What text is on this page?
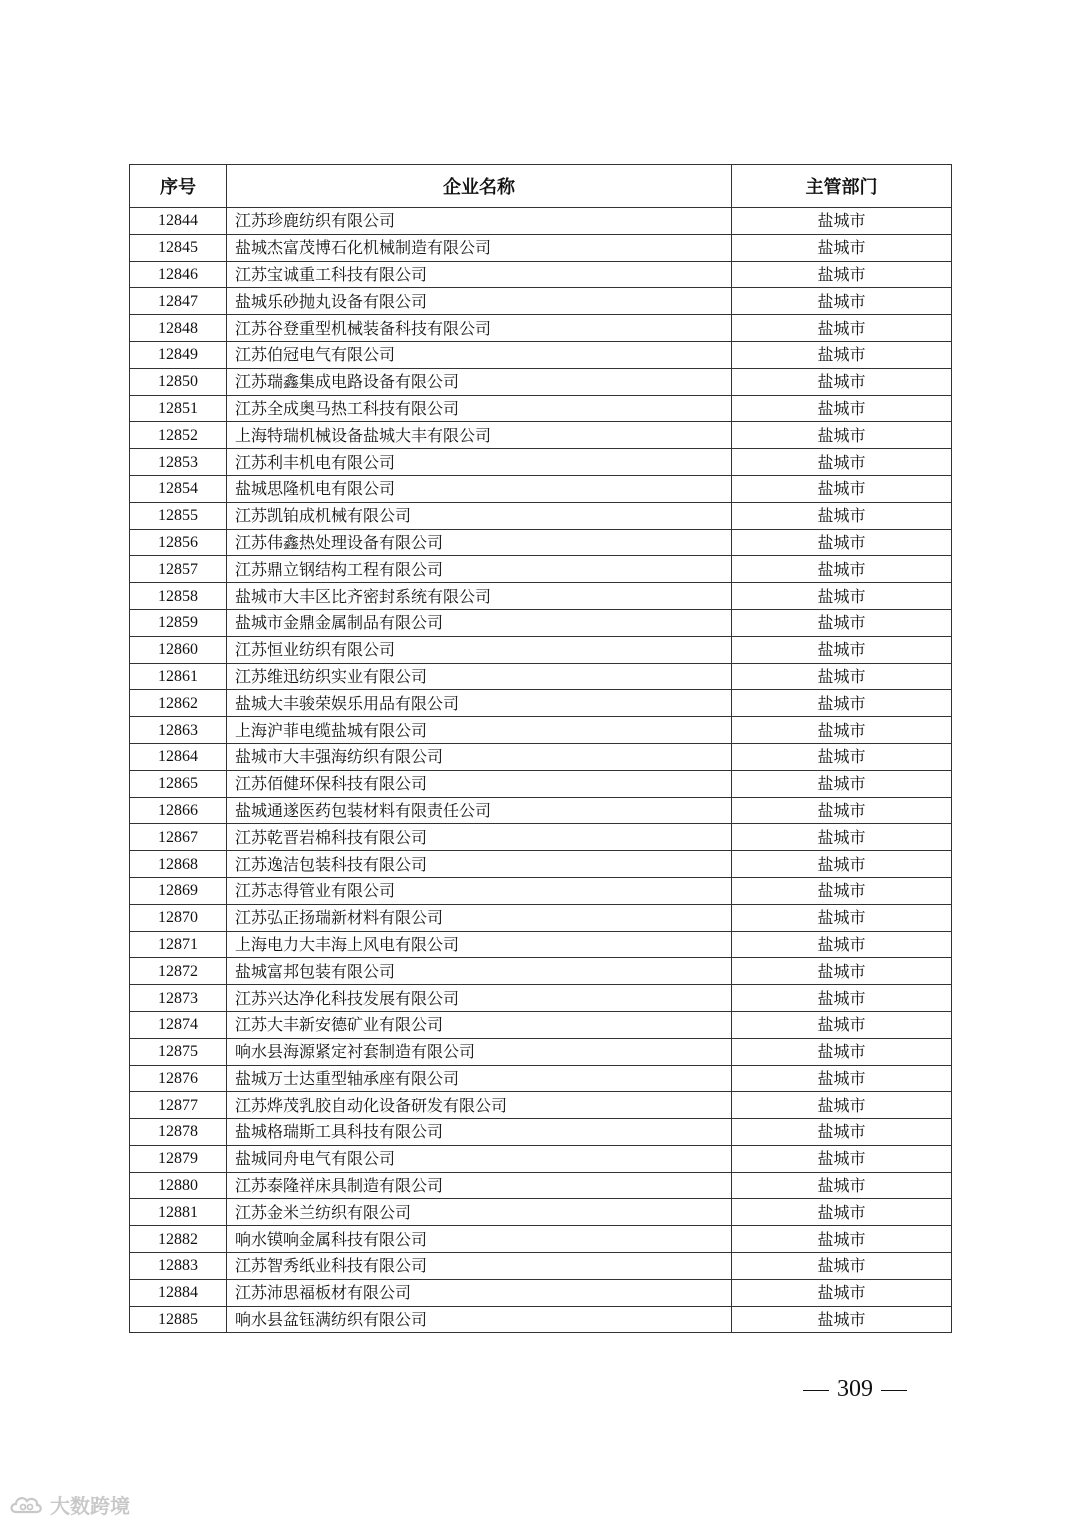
序号	企业名称	主管部门
12844	江苏珍鹿纺织有限公司	盐城市
12845	盐城杰富茂博石化机械制造有限公司	盐城市
12846	江苏宝诚重工科技有限公司	盐城市
12847	盐城乐砂抛丸设备有限公司	盐城市
12848	江苏谷登重型机械装备科技有限公司	盐城市
12849	江苏伯冠电气有限公司	盐城市
12850	江苏瑞鑫集成电路设备有限公司	盐城市
12851	江苏全成奥马热工科技有限公司	盐城市
12852	上海特瑞机械设备盐城大丰有限公司	盐城市
12853	江苏利丰机电有限公司	盐城市
12854	盐城思隆机电有限公司	盐城市
12855	江苏凯铂成机械有限公司	盐城市
12856	江苏伟鑫热处理设备有限公司	盐城市
12857	江苏鼎立钢结构工程有限公司	盐城市
12858	盐城市大丰区比齐密封系统有限公司	盐城市
12859	盐城市金鼎金属制品有限公司	盐城市
12860	江苏恒业纺织有限公司	盐城市
12861	江苏维迅纺织实业有限公司	盐城市
12862	盐城大丰骏荣娱乐用品有限公司	盐城市
12863	上海沪菲电缆盐城有限公司	盐城市
12864	盐城市大丰强海纺织有限公司	盐城市
12865	江苏佰健环保科技有限公司	盐城市
12866	盐城通遂医药包装材料有限责任公司	盐城市
12867	江苏乾晋岩棉科技有限公司	盐城市
12868	江苏逸洁包装科技有限公司	盐城市
12869	江苏志得管业有限公司	盐城市
12870	江苏弘正扬瑞新材料有限公司	盐城市
12871	上海电力大丰海上风电有限公司	盐城市
12872	盐城富邦包装有限公司	盐城市
12873	江苏兴达净化科技发展有限公司	盐城市
12874	江苏大丰新安德矿业有限公司	盐城市
12875	响水县海源紧定衬套制造有限公司	盐城市
12876	盐城万士达重型轴承座有限公司	盐城市
12877	江苏烨茂乳胶自动化设备研发有限公司	盐城市
12878	盐城格瑞斯工具科技有限公司	盐城市
12879	盐城同舟电气有限公司	盐城市
12880	江苏泰隆祥床具制造有限公司	盐城市
12881	江苏金米兰纺织有限公司	盐城市
12882	响水镆响金属科技有限公司	盐城市
12883	江苏智秀纸业科技有限公司	盐城市
12884	江苏沛思福板材有限公司	盐城市
12885	响水县盆钰满纺织有限公司	盐城市
309
大数跨境
